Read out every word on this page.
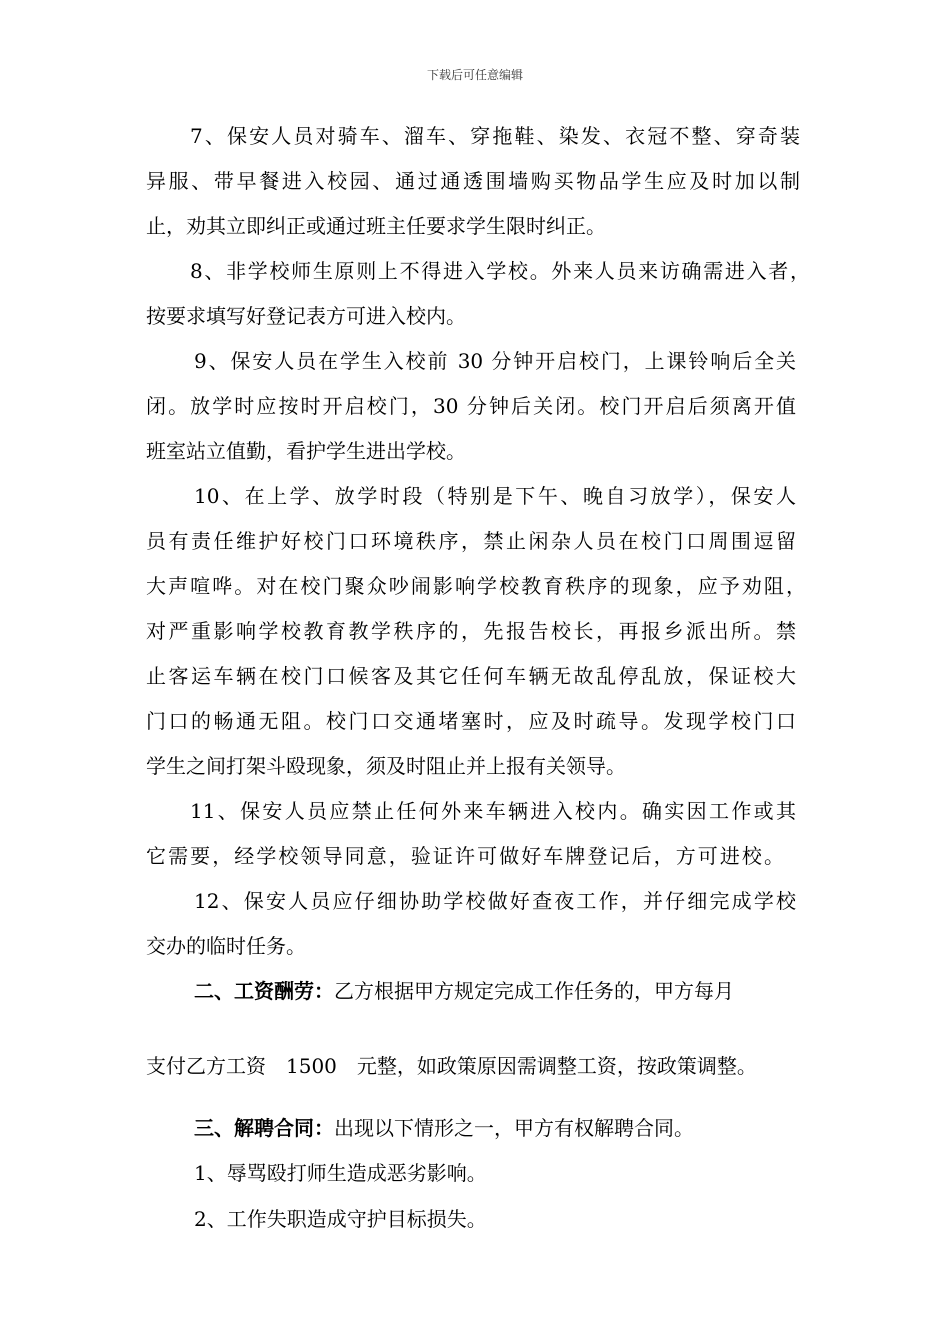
下载后可任意编辑
7、保安人员对骑车、溜车、穿拖鞋、染发、衣冠不整、穿奇装
异服、带早餐进入校园、通过通透围墙购买物品学生应及时加以制
止，劝其立即纠正或通过班主任要求学生限时纠正。
8、非学校师生原则上不得进入学校。外来人员来访确需进入者，
按要求填写好登记表方可进入校内。
9、保安人员在学生入校前 30 分钟开启校门，上课铃响后全关
闭。放学时应按时开启校门，30 分钟后关闭。校门开启后须离开值
班室站立值勤，看护学生进出学校。
10、在上学、放学时段（特别是下午、晚自习放学），保安人
员有责任维护好校门口环境秩序，禁止闲杂人员在校门口周围逗留
大声喧哗。对在校门聚众吵闹影响学校教育秩序的现象，应予劝阻，
对严重影响学校教育教学秩序的，先报告校长，再报乡派出所。禁
止客运车辆在校门口候客及其它任何车辆无故乱停乱放，保证校大
门口的畅通无阻。校门口交通堵塞时，应及时疏导。发现学校门口
学生之间打架斗殴现象，须及时阻止并上报有关领导。
11、保安人员应禁止任何外来车辆进入校内。确实因工作或其
它需要，经学校领导同意，验证许可做好车牌登记后，方可进校。
12、保安人员应仔细协助学校做好查夜工作，并仔细完成学校
交办的临时任务。
二、工资酬劳：乙方根据甲方规定完成工作任务的，甲方每月
支付乙方工资　1500　元整，如政策原因需调整工资，按政策调整。
三、解聘合同：出现以下情形之一，甲方有权解聘合同。
1、辱骂殴打师生造成恶劣影响。
2、工作失职造成守护目标损失。
